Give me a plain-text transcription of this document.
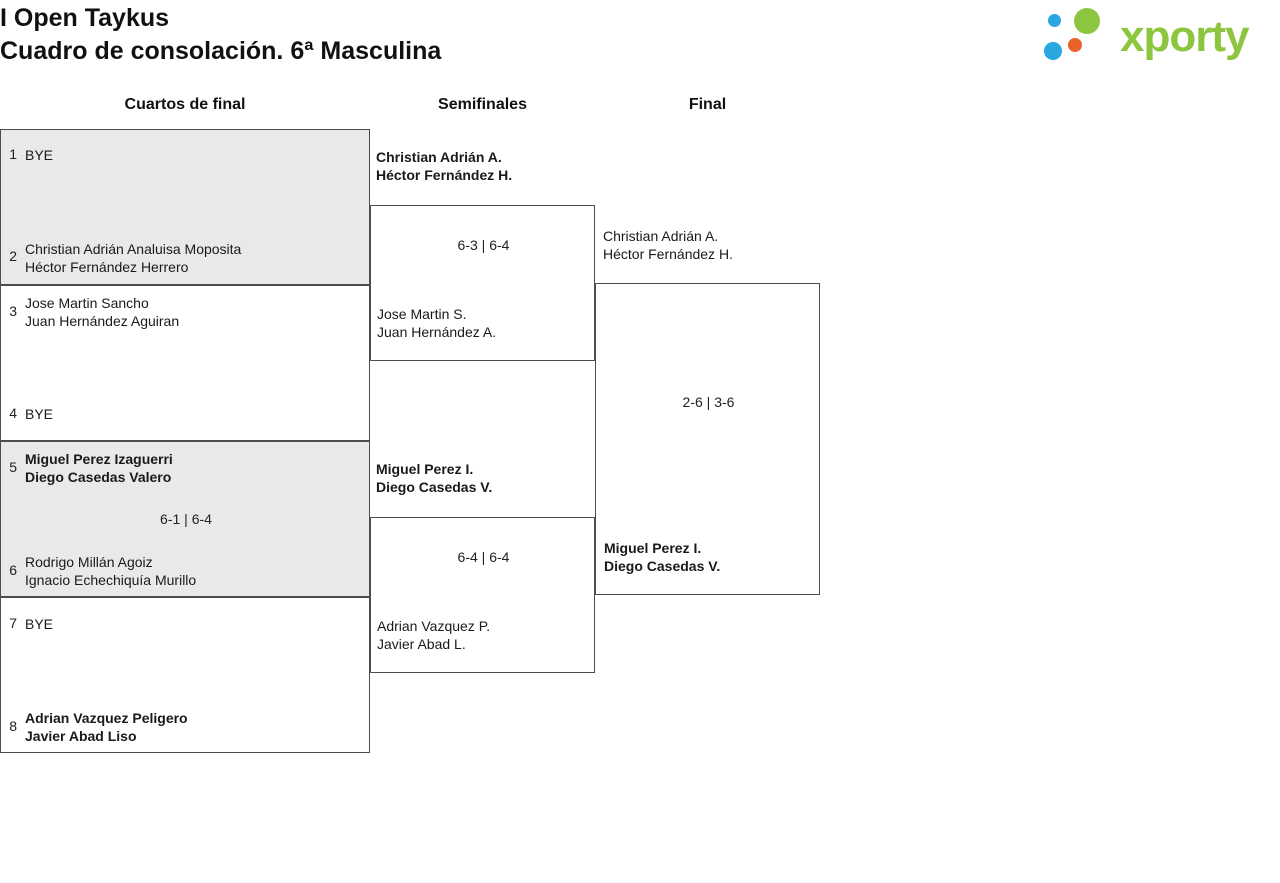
I Open Taykus
Cuadro de consolación. 6ª Masculina	xporty
Cuartos de final	Semifinales	Final
1 BYE
2 Christian Adrián Analuisa Moposita
Héctor Fernández Herrero
3 Jose Martin Sancho
Juan Hernández Aguiran
4 BYE
5 Miguel Perez Izaguerri
Diego Casedas Valero
6 Rodrigo Millán Agoiz
Ignacio Echechiquía Murillo
6-1 | 6-4
7 BYE
8 Adrian Vazquez Peligero
Javier Abad Liso
6-3 | 6-4
Jose Martin S.
Juan Hernández A.
Christian Adrián A.
Héctor Fernández H.
6-4 | 6-4
Adrian Vazquez P.
Javier Abad L.
Miguel Perez I.
Diego Casedas V.
2-6 | 3-6
Miguel Perez I.
Diego Casedas V.
Christian Adrián A.
Héctor Fernández H.
